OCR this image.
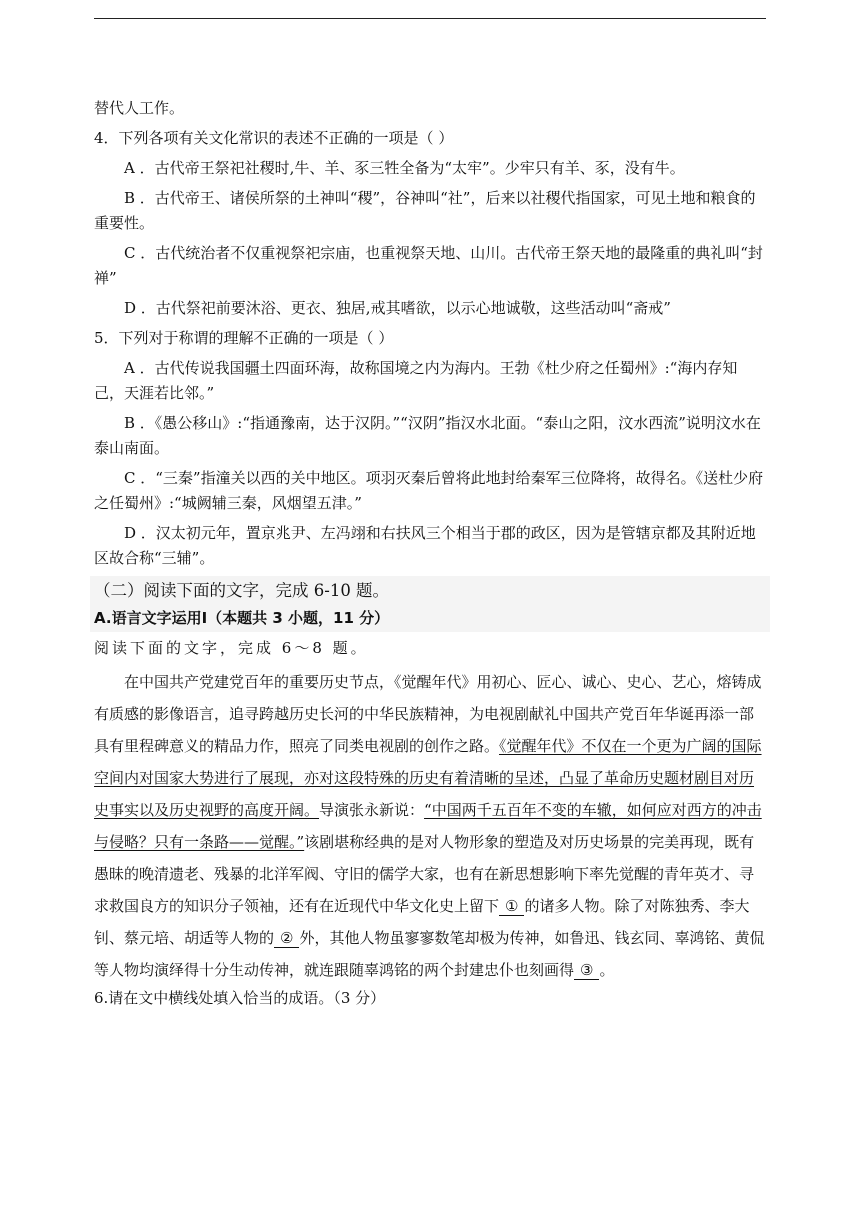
替代人工作。

4．下列各项有关文化常识的表述不正确的一项是（ ）

A ．古代帝王祭祀社稷时,牛、羊、豕三牲全备为“太牢”。少牢只有羊、豕，没有牛。

B ．古代帝王、诸侯所祭的土神叫“稷”，谷神叫“社”，后来以社稷代指国家，可见土地和粮食的重要性。

C ．古代统治者不仅重视祭祀宗庙，也重视祭天地、山川。古代帝王祭天地的最隆重的典礼叫“封禅”

D ．古代祭祀前要沐浴、更衣、独居,戒其嗜欲，以示心地诚敬，这些活动叫“斋戒”

5．下列对于称谓的理解不正确的一项是（ ）

A ．古代传说我国疆土四面环海，故称国境之内为海内。王勃《杜少府之任蜀州》:“海内存知己，天涯若比邻。”

B ．《愚公移山》:“指通豫南，达于汉阴。”“汉阴”指汉水北面。“泰山之阳，汶水西流”说明汶水在泰山南面。

C ．“三秦”指潼关以西的关中地区。项羽灭秦后曾将此地封给秦军三位降将，故得名。《送杜少府之任蜀州》:“城阙辅三秦，风烟望五津。”

D ．汉太初元年，置京兆尹、左冯翊和右扶风三个相当于郡的政区，因为是管辖京都及其附近地区故合称“三辅”。

（二）阅读下面的文字，完成 6-10 题。

A.语言文字运用Ⅰ（本题共 3 小题，11 分）

阅读下面的文字，完成 6～8 题。

在中国共产党建党百年的重要历史节点，《觉醒年代》用初心、匠心、诚心、史心、艺心，熔铸成有质感的影像语言，追寻跨越历史长河的中华民族精神，为电视剧献礼中国共产党百年华诞再添一部具有里程碑意义的精品力作，照亮了同类电视剧的创作之路。《觉醒年代》不仅在一个更为广阔的国际空间内对国家大势进行了展现，亦对这段特殊的历史有着清晰的呈述，凸显了革命历史题材剧目对历史事实以及历史视野的高度开阔。导演张永新说：“中国两千五百年不变的车辙，如何应对西方的冲击与侵略？只有一条路——觉醒。”该剧堪称经典的是对人物形象的塑造及对历史场景的完美再现，既有愚昧的晚清遗老、残暴的北洋军阀、守旧的儒学大家，也有在新思想影响下率先觉醒的青年英才、寻求救国良方的知识分子领袖，还有在近现代中华文化史上留下 ① 的诸多人物。除了对陈独秀、李大钊、蔡元培、胡适等人物的 ② 外，其他人物虽寥寥数笔却极为传神，如鲁迅、钱玄同、辜鸿铭、黄侃等人物均演绎得十分生动传神，就连跟随辜鸿铭的两个封建忠仆也刻画得 ③ 。

6.请在文中横线处填入恰当的成语。（3 分）
